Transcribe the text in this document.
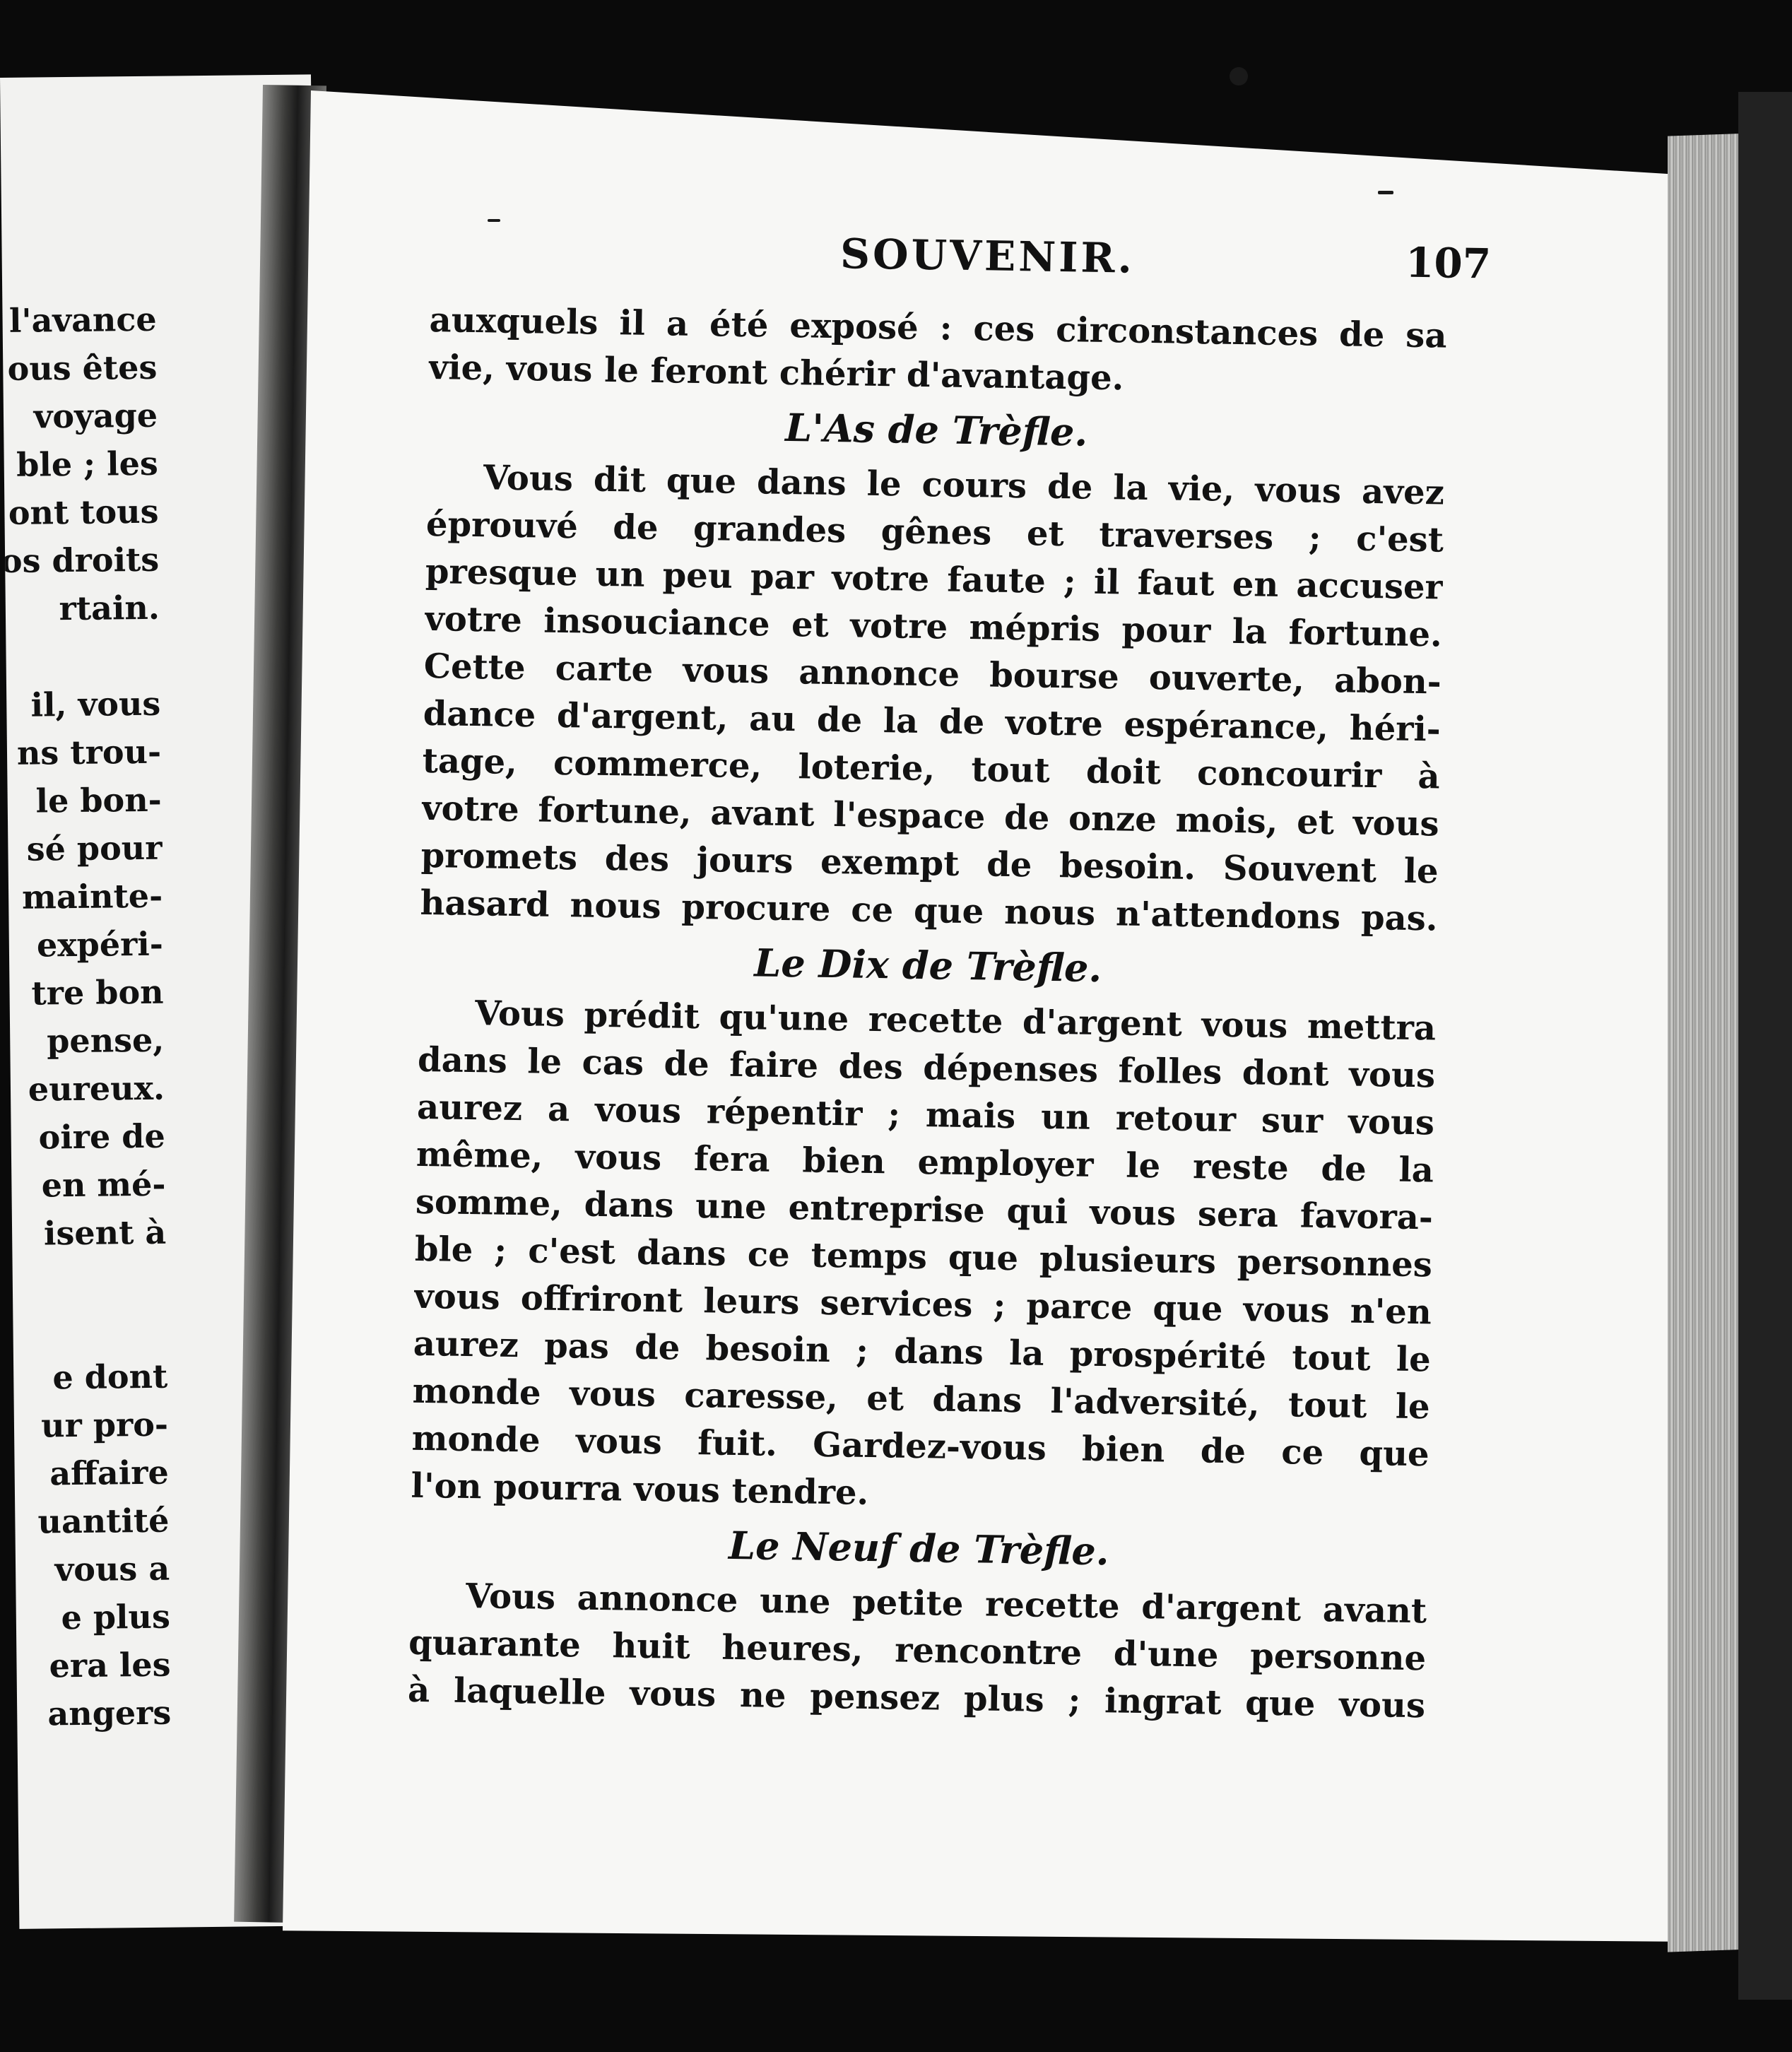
l'avance
ous êtes
voyage
ble ; les
ont tous
os droits
rtain.
il, vous
ns trou-
le bon-
sé pour
mainte-
expéri-
tre bon
pense,
eureux.
oire de
en mé-
isent à
e dont
ur pro-
affaire
uantité
vous a
e plus
era les
angers
SOUVENIR.	107
auxquels il a été exposé : ces circonstances de sa
vie, vous le feront chérir d'avantage.
L'As de Trèfle.
Vous dit que dans le cours de la vie, vous avez
éprouvé de grandes gênes et traverses ; c'est
presque un peu par votre faute ; il faut en accuser
votre insouciance et votre mépris pour la fortune.
Cette carte vous annonce bourse ouverte, abon-
dance d'argent, au de la de votre espérance, héri-
tage, commerce, loterie, tout doit concourir à
votre fortune, avant l'espace de onze mois, et vous
promets des jours exempt de besoin. Souvent le
hasard nous procure ce que nous n'attendons pas.
Le Dix de Trèfle.
Vous prédit qu'une recette d'argent vous mettra
dans le cas de faire des dépenses folles dont vous
aurez a vous répentir ; mais un retour sur vous
même, vous fera bien employer le reste de la
somme, dans une entreprise qui vous sera favora-
ble ; c'est dans ce temps que plusieurs personnes
vous offriront leurs services ; parce que vous n'en
aurez pas de besoin ; dans la prospérité tout le
monde vous caresse, et dans l'adversité, tout le
monde vous fuit. Gardez-vous bien de ce que
l'on pourra vous tendre.
Le Neuf de Trèfle.
Vous annonce une petite recette d'argent avant
quarante huit heures, rencontre d'une personne
à laquelle vous ne pensez plus ; ingrat que vous
